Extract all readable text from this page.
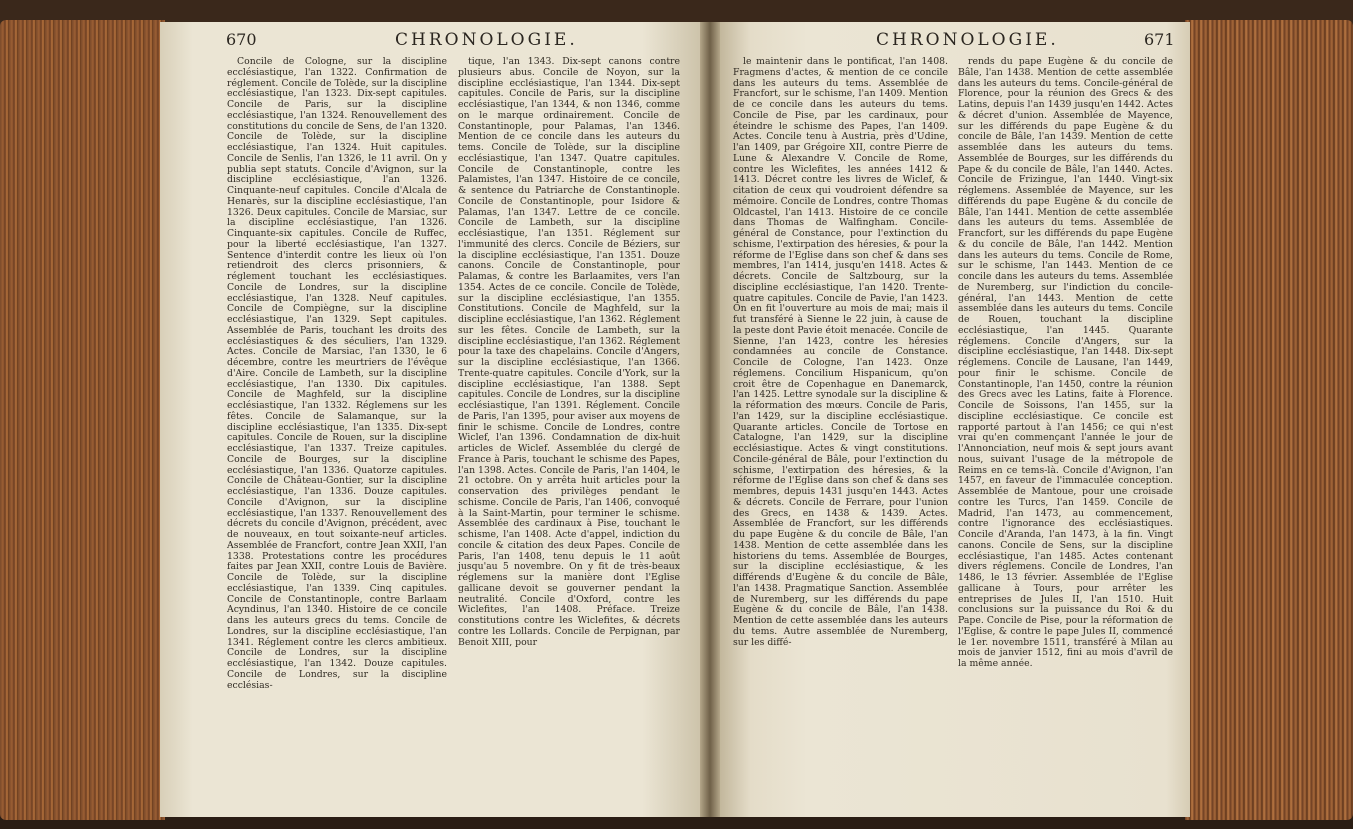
670	CHRONOLOGIE.

Concile de Cologne, sur la discipline ecclésiastique, l'an 1322. Confirmation de réglement. Concile de Tolède, sur la discipline ecclésiastique, l'an 1323. Dix-sept capitules. Concile de Paris, sur la discipline ecclésiastique, l'an 1324. Renouvellement des constitutions du concile de Sens, de l'an 1320. Concile de Tolède, sur la discipline ecclésiastique, l'an 1324. Huit capitules. Concile de Senlis, l'an 1326, le 11 avril. On y publia sept statuts. Concile d'Avignon, sur la discipline ecclésiastique, l'an 1326. Cinquante-neuf capitules. Concile d'Alcala de Henarès, sur la discipline ecclésiastique, l'an 1326. Deux capitules. Concile de Marsiac, sur la discipline ecclésiastique, l'an 1326. Cinquante-six capitules. Concile de Ruffec, pour la liberté ecclésiastique, l'an 1327. Sentence d'interdit contre les lieux où l'on retiendroit des clercs prisonniers, & réglement touchant les ecclésiastiques. Concile de Londres, sur la discipline ecclésiastique, l'an 1328. Neuf capitules. Concile de Compiègne, sur la discipline ecclésiastique, l'an 1329. Sept capitules. Assemblée de Paris, touchant les droits des ecclésiastiques & des séculiers, l'an 1329. Actes. Concile de Marsiac, l'an 1330, le 6 décembre, contre les meurtriers de l'évêque d'Aire. Concile de Lambeth, sur la discipline ecclésiastique, l'an 1330. Dix capitules. Concile de Maghfeld, sur la discipline ecclésiastique, l'an 1332. Réglemens sur les fêtes. Concile de Salamanque, sur la discipline ecclésiastique, l'an 1335. Dix-sept capitules. Concile de Rouen, sur la discipline ecclésiastique, l'an 1337. Treize capitules. Concile de Bourges, sur la discipline ecclésiastique, l'an 1336. Quatorze capitules. Concile de Château-Gontier, sur la discipline ecclésiastique, l'an 1336. Douze capitules. Concile d'Avignon, sur la discipline ecclésiastique, l'an 1337. Renouvellement des décrets du concile d'Avignon, précédent, avec de nouveaux, en tout soixante-neuf articles. Assemblée de Francfort, contre Jean XXII, l'an 1338. Protestations contre les procédures faites par Jean XXII, contre Louis de Bavière. Concile de Tolède, sur la discipline ecclésiastique, l'an 1339. Cinq capitules. Concile de Constantinople, contre Barlaam Acyndinus, l'an 1340. Histoire de ce concile dans les auteurs grecs du tems. Concile de Londres, sur la discipline ecclésiastique, l'an 1341. Réglement contre les clercs ambitieux. Concile de Londres, sur la discipline ecclésiastique, l'an 1342. Douze capitules. Concile de Londres, sur la discipline ecclésias-

tique, l'an 1343. Dix-sept canons contre plusieurs abus. Concile de Noyon, sur la discipline ecclésiastique, l'an 1344. Dix-sept capitules. Concile de Paris, sur la discipline ecclésiastique, l'an 1344, & non 1346, comme on le marque ordinairement. Concile de Constantinople, pour Palamas, l'an 1346. Mention de ce concile dans les auteurs du tems. Concile de Tolède, sur la discipline ecclésiastique, l'an 1347. Quatre capitules. Concile de Constantinople, contre les Palamistes, l'an 1347. Histoire de ce concile, & sentence du Patriarche de Constantinople. Concile de Constantinople, pour Isidore & Palamas, l'an 1347. Lettre de ce concile. Concile de Lambeth, sur la discipline ecclésiastique, l'an 1351. Réglement sur l'immunité des clercs. Concile de Béziers, sur la discipline ecclésiastique, l'an 1351. Douze canons. Concile de Constantinople, pour Palamas, & contre les Barlaamites, vers l'an 1354. Actes de ce concile. Concile de Tolède, sur la discipline ecclésiastique, l'an 1355. Constitutions. Concile de Maghfeld, sur la discipline ecclésiastique, l'an 1362. Réglement sur les fêtes. Concile de Lambeth, sur la discipline ecclésiastique, l'an 1362. Réglement pour la taxe des chapelains. Concile d'Angers, sur la discipline ecclésiastique, l'an 1366. Trente-quatre capitules. Concile d'York, sur la discipline ecclésiastique, l'an 1388. Sept capitules. Concile de Londres, sur la discipline ecclésiastique, l'an 1391. Réglement. Concile de Paris, l'an 1395, pour aviser aux moyens de finir le schisme. Concile de Londres, contre Wiclef, l'an 1396. Condamnation de dix-huit articles de Wiclef. Assemblée du clergé de France à Paris, touchant le schisme des Papes, l'an 1398. Actes. Concile de Paris, l'an 1404, le 21 octobre. On y arrêta huit articles pour la conservation des privilèges pendant le schisme. Concile de Paris, l'an 1406, convoqué à la Saint-Martin, pour terminer le schisme. Assemblée des cardinaux à Pise, touchant le schisme, l'an 1408. Acte d'appel, indiction du concile & citation des deux Papes. Concile de Paris, l'an 1408, tenu depuis le 11 août jusqu'au 5 novembre. On y fit de très-beaux réglemens sur la manière dont l'Eglise gallicane devoit se gouverner pendant la neutralité. Concile d'Oxford, contre les Wiclefites, l'an 1408. Préface. Treize constitutions contre les Wiclefites, & décrets contre les Lollards. Concile de Perpignan, par Benoit XIII, pour

CHRONOLOGIE.	671

le maintenir dans le pontificat, l'an 1408. Fragmens d'actes, & mention de ce concile dans les auteurs du tems. Assemblée de Francfort, sur le schisme, l'an 1409. Mention de ce concile dans les auteurs du tems. Concile de Pise, par les cardinaux, pour éteindre le schisme des Papes, l'an 1409. Actes. Concile tenu à Austria, près d'Udine, l'an 1409, par Grégoire XII, contre Pierre de Lune & Alexandre V. Concile de Rome, contre les Wiclefites, les années 1412 & 1413. Décret contre les livres de Wiclef, & citation de ceux qui voudroient défendre sa mémoire. Concile de Londres, contre Thomas Oldcastel, l'an 1413. Histoire de ce concile dans Thomas de Walfingham. Concile-général de Constance, pour l'extinction du schisme, l'extirpation des héresies, & pour la réforme de l'Eglise dans son chef & dans ses membres, l'an 1414, jusqu'en 1418. Actes & décrets. Concile de Saltzbourg, sur la discipline ecclésiastique, l'an 1420. Trente-quatre capitules. Concile de Pavie, l'an 1423. On en fit l'ouverture au mois de mai; mais il fut transféré à Sienne le 22 juin, à cause de la peste dont Pavie étoit menacée. Concile de Sienne, l'an 1423, contre les héresies condamnées au concile de Constance. Concile de Cologne, l'an 1423. Onze réglemens. Concilium Hispanicum, qu'on croit être de Copenhague en Danemarck, l'an 1425. Lettre synodale sur la discipline & la réformation des mœurs. Concile de Paris, l'an 1429, sur la discipline ecclésiastique. Quarante articles. Concile de Tortose en Catalogne, l'an 1429, sur la discipline ecclésiastique. Actes & vingt constitutions. Concile-général de Bâle, pour l'extinction du schisme, l'extirpation des héresies, & la réforme de l'Eglise dans son chef & dans ses membres, depuis 1431 jusqu'en 1443. Actes & décrets. Concile de Ferrare, pour l'union des Grecs, en 1438 & 1439. Actes. Assemblée de Francfort, sur les différends du pape Eugène & du concile de Bâle, l'an 1438. Mention de cette assemblée dans les historiens du tems. Assemblée de Bourges, sur la discipline ecclésiastique, & les différends d'Eugène & du concile de Bâle, l'an 1438. Pragmatique Sanction. Assemblée de Nuremberg, sur les différends du pape Eugène & du concile de Bâle, l'an 1438. Mention de cette assemblée dans les auteurs du tems. Autre assemblée de Nuremberg, sur les diffé-

rends du pape Eugène & du concile de Bâle, l'an 1438. Mention de cette assemblée dans les auteurs du tems. Concile-général de Florence, pour la réunion des Grecs & des Latins, depuis l'an 1439 jusqu'en 1442. Actes & décret d'union. Assemblée de Mayence, sur les différends du pape Eugène & du concile de Bâle, l'an 1439. Mention de cette assemblée dans les auteurs du tems. Assemblée de Bourges, sur les différends du Pape & du concile de Bâle, l'an 1440. Actes. Concile de Frizingue, l'an 1440. Vingt-six réglemens. Assemblée de Mayence, sur les différends du pape Eugène & du concile de Bâle, l'an 1441. Mention de cette assemblée dans les auteurs du tems. Assemblée de Francfort, sur les différends du pape Eugène & du concile de Bâle, l'an 1442. Mention dans les auteurs du tems. Concile de Rome, sur le schisme, l'an 1443. Mention de ce concile dans les auteurs du tems. Assemblée de Nuremberg, sur l'indiction du concile-général, l'an 1443. Mention de cette assemblée dans les auteurs du tems. Concile de Rouen, touchant la discipline ecclésiastique, l'an 1445. Quarante réglemens. Concile d'Angers, sur la discipline ecclésiastique, l'an 1448. Dix-sept réglemens. Concile de Lausane, l'an 1449, pour finir le schisme. Concile de Constantinople, l'an 1450, contre la réunion des Grecs avec les Latins, faite à Florence. Concile de Soissons, l'an 1455, sur la discipline ecclésiastique. Ce concile est rapporté partout à l'an 1456; ce qui n'est vrai qu'en commençant l'année le jour de l'Annonciation, neuf mois & sept jours avant nous, suivant l'usage de la métropole de Reims en ce tems-là. Concile d'Avignon, l'an 1457, en faveur de l'immaculée conception. Assemblée de Mantoue, pour une croisade contre les Turcs, l'an 1459. Concile de Madrid, l'an 1473, au commencement, contre l'ignorance des ecclésiastiques. Concile d'Aranda, l'an 1473, à la fin. Vingt canons. Concile de Sens, sur la discipline ecclésiastique, l'an 1485. Actes contenant divers réglemens. Concile de Londres, l'an 1486, le 13 février. Assemblée de l'Eglise gallicane à Tours, pour arrêter les entreprises de Jules II, l'an 1510. Huit conclusions sur la puissance du Roi & du Pape. Concile de Pise, pour la réformation de l'Eglise, & contre le pape Jules II, commencé le 1er. novembre 1511, transféré à Milan au mois de janvier 1512, fini au mois d'avril de la même année.
